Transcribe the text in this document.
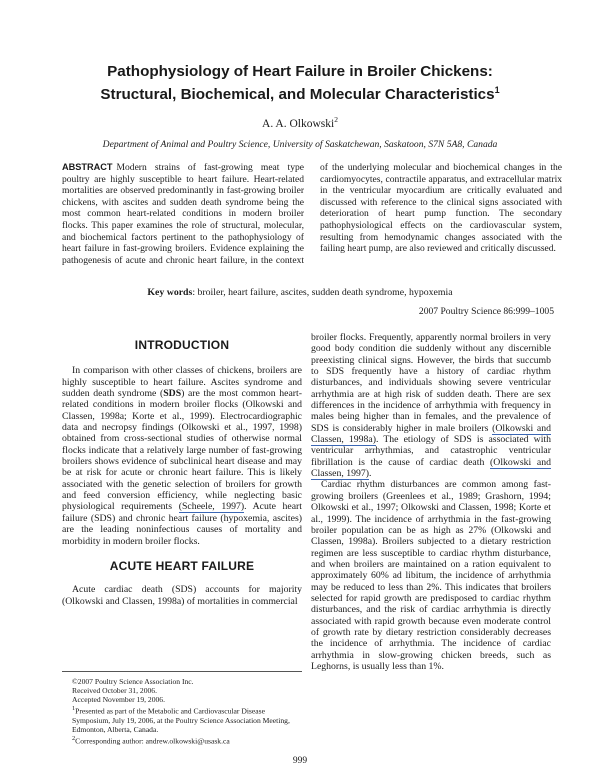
Pathophysiology of Heart Failure in Broiler Chickens:
Structural, Biochemical, and Molecular Characteristics$^1$
A. A. Olkowski$^2$
Department of Animal and Poultry Science, University of Saskatchewan, Saskatoon, S7N 5A8, Canada
ABSTRACT Modern strains of fast-growing meat type poultry are highly susceptible to heart failure. Heart-related mortalities are observed predominantly in fast-growing broiler chickens, with ascites and sudden death syndrome being the most common heart-related conditions in modern broiler flocks. This paper examines the role of structural, molecular, and biochemical factors pertinent to the pathophysiology of heart failure in fast-growing broilers. Evidence explaining the pathogenesis of acute and chronic heart failure, in the context of the underlying molecular and biochemical changes in the cardiomyocytes, contractile apparatus, and extracellular matrix in the ventricular myocardium are critically evaluated and discussed with reference to the clinical signs associated with deterioration of heart pump function. The secondary pathophysiological effects on the cardiovascular system, resulting from hemodynamic changes associated with the failing heart pump, are also reviewed and critically discussed.
Key words: broiler, heart failure, ascites, sudden death syndrome, hypoxemia
2007 Poultry Science 86:999–1005
INTRODUCTION

In comparison with other classes of chickens, broilers are highly susceptible to heart failure. Ascites syndrome and sudden death syndrome (SDS) are the most common heart-related conditions in modern broiler flocks (Olkowski and Classen, 1998a; Korte et al., 1999). Electrocardiographic data and necropsy findings (Olkowski et al., 1997, 1998) obtained from cross-sectional studies of otherwise normal flocks indicate that a relatively large number of fast-growing broilers shows evidence of subclinical heart disease and may be at risk for acute or chronic heart failure. This is likely associated with the genetic selection of broilers for growth and feed conversion efficiency, while neglecting basic physiological requirements (Scheele, 1997). Acute heart failure (SDS) and chronic heart failure (hypoxemia, ascites) are the leading noninfectious causes of mortality and morbidity in modern broiler flocks.

ACUTE HEART FAILURE

Acute cardiac death (SDS) accounts for majority (Olkowski and Classen, 1998a) of mortalities in commercial

broiler flocks. Frequently, apparently normal broilers in very good body condition die suddenly without any discernible preexisting clinical signs. However, the birds that succumb to SDS frequently have a history of cardiac rhythm disturbances, and individuals showing severe ventricular arrhythmia are at high risk of sudden death. There are sex differences in the incidence of arrhythmia with frequency in males being higher than in females, and the prevalence of SDS is considerably higher in male broilers (Olkowski and Classen, 1998a). The etiology of SDS is associated with ventricular arrhythmias, and catastrophic ventricular fibrillation is the cause of cardiac death (Olkowski and Classen, 1997).

Cardiac rhythm disturbances are common among fast-growing broilers (Greenlees et al., 1989; Grashorn, 1994; Olkowski et al., 1997; Olkowski and Classen, 1998; Korte et al., 1999). The incidence of arrhythmia in the fast-growing broiler population can be as high as 27% (Olkowski and Classen, 1998a). Broilers subjected to a dietary restriction regimen are less susceptible to cardiac rhythm disturbance, and when broilers are maintained on a ration equivalent to approximately 60% ad libitum, the incidence of arrhythmia may be reduced to less than 2%. This indicates that broilers selected for rapid growth are predisposed to cardiac rhythm disturbances, and the risk of cardiac arrhythmia is directly associated with rapid growth because even moderate control of growth rate by dietary restriction considerably decreases the incidence of arrhythmia. The incidence of cardiac arrhythmia in slow-growing chicken breeds, such as Leghorns, is usually less than 1%.

©2007 Poultry Science Association Inc.
Received October 31, 2006.
Accepted November 19, 2006.
$^1$Presented as part of the Metabolic and Cardiovascular Disease Symposium, July 19, 2006, at the Poultry Science Association Meeting, Edmonton, Alberta, Canada.
$^2$Corresponding author: andrew.olkowski@usask.ca
999
